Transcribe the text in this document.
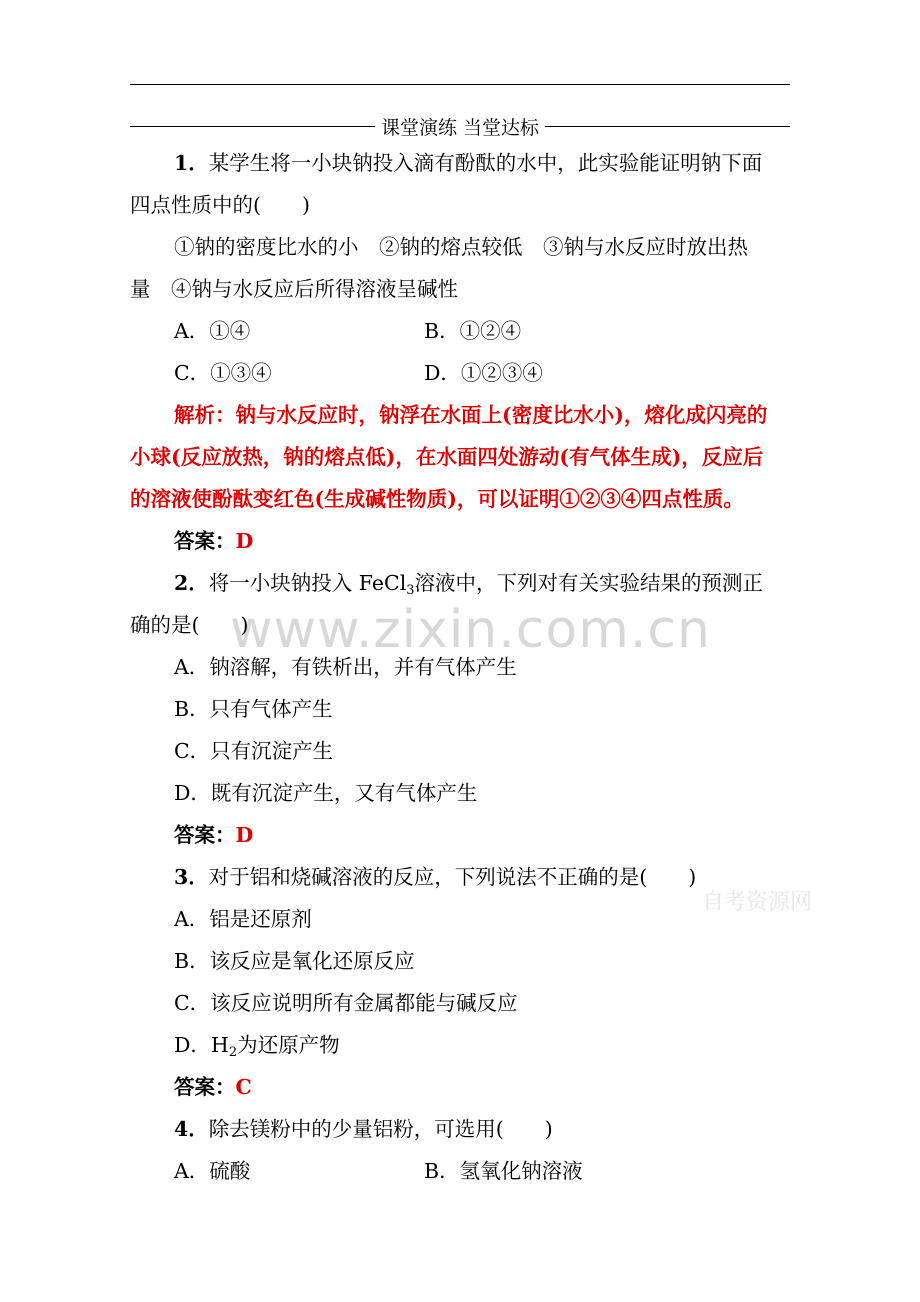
课堂演练 当堂达标
www.zixin.com.cn
自考资源网
1．某学生将一小块钠投入滴有酚酞的水中，此实验能证明钠下面
四点性质中的(　　)
①钠的密度比水的小　②钠的熔点较低　③钠与水反应时放出热
量　④钠与水反应后所得溶液呈碱性
A．①④	B．①②④
C．①③④	D．①②③④
解析：钠与水反应时，钠浮在水面上(密度比水小)，熔化成闪亮的
小球(反应放热，钠的熔点低)，在水面四处游动(有气体生成)，反应后
的溶液使酚酞变红色(生成碱性物质)，可以证明①②③④四点性质。
答案：D
2．将一小块钠投入 FeCl$_3$溶液中，下列对有关实验结果的预测正
确的是(　　)
A．钠溶解，有铁析出，并有气体产生
B．只有气体产生
C．只有沉淀产生
D．既有沉淀产生，又有气体产生
答案：D
3．对于铝和烧碱溶液的反应，下列说法不正确的是(　　)
A．铝是还原剂
B．该反应是氧化还原反应
C．该反应说明所有金属都能与碱反应
D．$H_2$为还原产物
答案：C
4．除去镁粉中的少量铝粉，可选用(　　)
A．硫酸	B．氢氧化钠溶液
